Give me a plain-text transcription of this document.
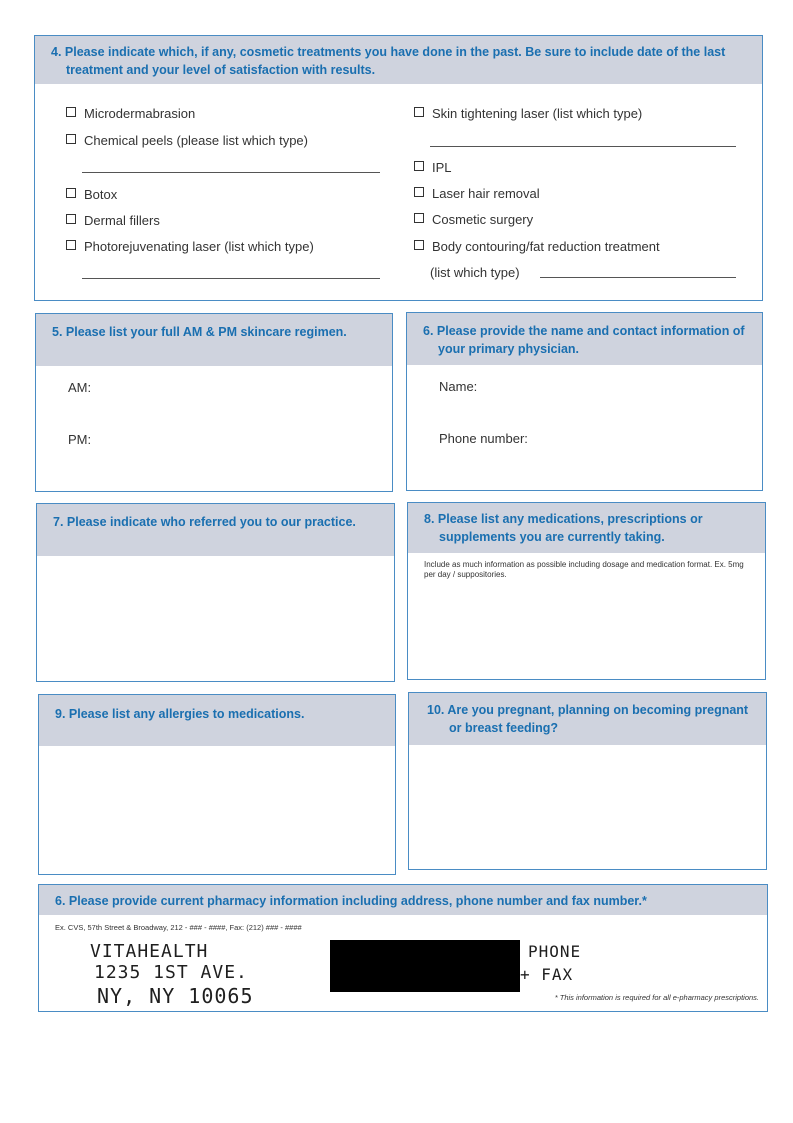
4. Please indicate which, if any, cosmetic treatments you have done in the past. Be sure to include date of the last treatment and your level of satisfaction with results.
Microdermabrasion
Chemical peels (please list which type)
Botox
Dermal fillers
Photorejuvenating laser (list which type)
Skin tightening laser (list which type)
IPL
Laser hair removal
Cosmetic surgery
Body contouring/fat reduction treatment
(list which type)
5. Please list your full AM & PM skincare regimen.
AM:
PM:
6. Please provide the name and contact information of your primary physician.
Name:
Phone number:
7. Please indicate who referred you to our practice.	8. Please list any medications, prescriptions or supplements you are currently taking.
Include as much information as possible including dosage and medication format. Ex. 5mg per day / suppositories.
9. Please list any allergies to medications.	10. Are you pregnant, planning on becoming pregnant or breast feeding?
6. Please provide current pharmacy information including address, phone number and fax number.*
Ex. CVS, 57th Street & Broadway, 212 - ### - ####, Fax: (212) ### - ####
* This information is required for all e-pharmacy prescriptions.
VITAHEALTH
1235 1ST AVE.
NY, NY 10065
PHONE
+ FAX
